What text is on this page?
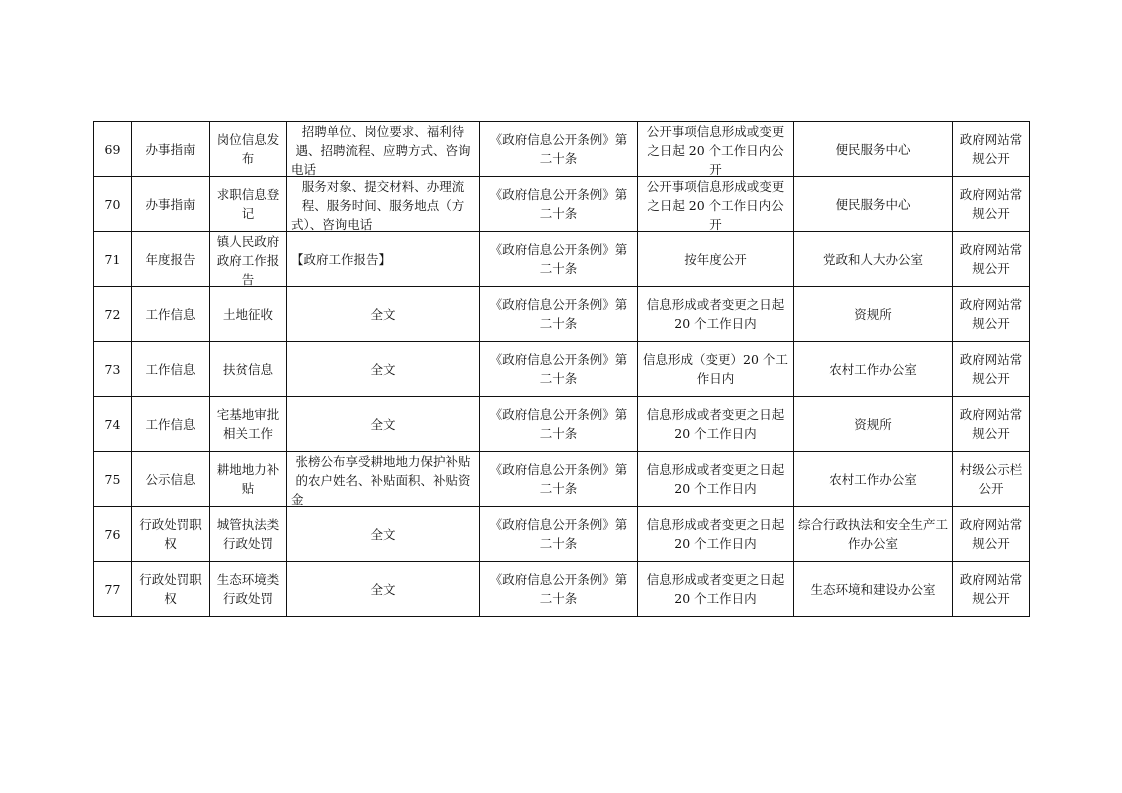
69	办事指南	岗位信息发布	招聘单位、岗位要求、福利待遇、招聘流程、应聘方式、咨询电话	《政府信息公开条例》第二十条	公开事项信息形成或变更之日起 20 个工作日内公开	便民服务中心	政府网站常规公开

70	办事指南	求职信息登记	服务对象、提交材料、办理流程、服务时间、服务地点（方式）、咨询电话	《政府信息公开条例》第二十条	公开事项信息形成或变更之日起 20 个工作日内公开	便民服务中心	政府网站常规公开

71	年度报告	镇人民政府政府工作报告	【政府工作报告】	《政府信息公开条例》第二十条	按年度公开	党政和人大办公室	政府网站常规公开

72	工作信息	土地征收	全文	《政府信息公开条例》第二十条	信息形成或者变更之日起 20 个工作日内	资规所	政府网站常规公开

73	工作信息	扶贫信息	全文	《政府信息公开条例》第二十条	信息形成（变更）20 个工作日内	农村工作办公室	政府网站常规公开

74	工作信息	宅基地审批相关工作	全文	《政府信息公开条例》第二十条	信息形成或者变更之日起 20 个工作日内	资规所	政府网站常规公开

75	公示信息	耕地地力补贴	张榜公布享受耕地地力保护补贴的农户姓名、补贴面积、补贴资金	《政府信息公开条例》第二十条	信息形成或者变更之日起 20 个工作日内	农村工作办公室	村级公示栏公开

76	行政处罚职权	城管执法类行政处罚	全文	《政府信息公开条例》第二十条	信息形成或者变更之日起 20 个工作日内	综合行政执法和安全生产工作办公室	政府网站常规公开

77	行政处罚职权	生态环境类行政处罚	全文	《政府信息公开条例》第二十条	信息形成或者变更之日起 20 个工作日内	生态环境和建设办公室	政府网站常规公开
